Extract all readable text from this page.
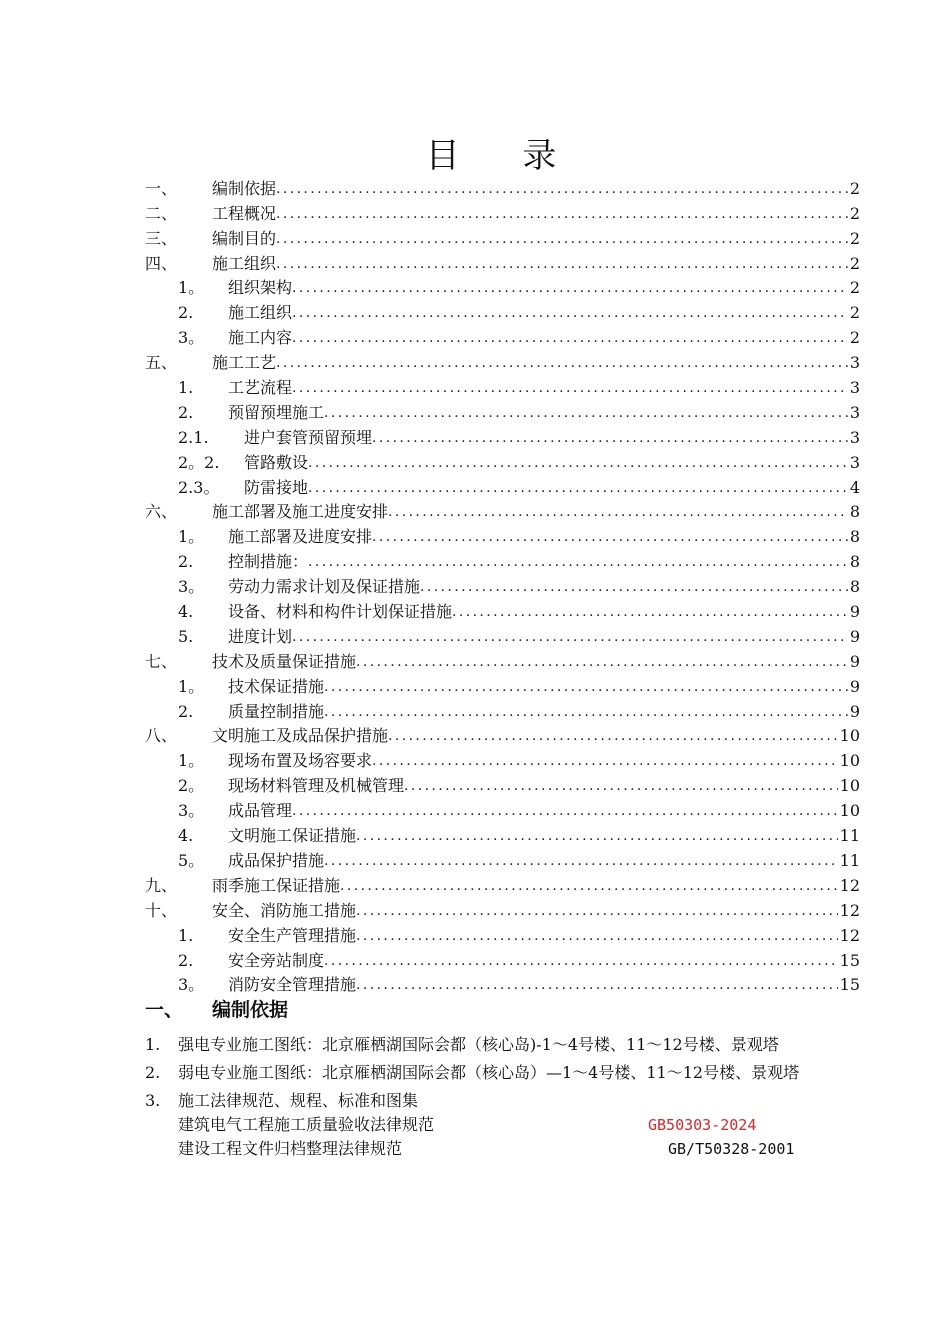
目 录
一、	编制依据 .....	2
二、	工程概况 .....	2
三、	编制目的 .....	2
四、	施工组织 .....	2
1。	组织架构 .....	2
2.	施工组织 .....	2
3。	施工内容 .....	2
五、	施工工艺 .....	3
1.	工艺流程 .....	3
2.	预留预埋施工 .....	3
2.1.	进户套管预留预埋 .....	3
2。2.	管路敷设 .....	3
2.3。	防雷接地 .....	4
六、	施工部署及施工进度安排 .....	8
1。	施工部署及进度安排 .....	8
2.	控制措施： .....	8
3。	劳动力需求计划及保证措施 .....	8
4.	设备、材料和构件计划保证措施 .....	9
5.	进度计划 .....	9
七、	技术及质量保证措施 .....	9
1。	技术保证措施 .....	9
2.	质量控制措施 .....	9
八、	文明施工及成品保护措施 .....	10
1。	现场布置及场容要求 .....	10
2。	现场材料管理及机械管理 .....	10
3。	成品管理 .....	10
4.	文明施工保证措施 .....	11
5。	成品保护措施 .....	11
九、	雨季施工保证措施 .....	12
十、	安全、消防施工措施 .....	12
1.	安全生产管理措施 .....	12
2.	安全旁站制度 .....	15
3。	消防安全管理措施 .....	15
一、 编制依据
1.	强电专业施工图纸：北京雁栖湖国际会都（核心岛)-1～4号楼、11～12号楼、景观塔
2.	弱电专业施工图纸：北京雁栖湖国际会都（核心岛）—1～4号楼、11～12号楼、景观塔
3.	施工法律规范、规程、标准和图集
建筑电气工程施工质量验收法律规范	GB50303-2024
建设工程文件归档整理法律规范	GB/T50328-2001
